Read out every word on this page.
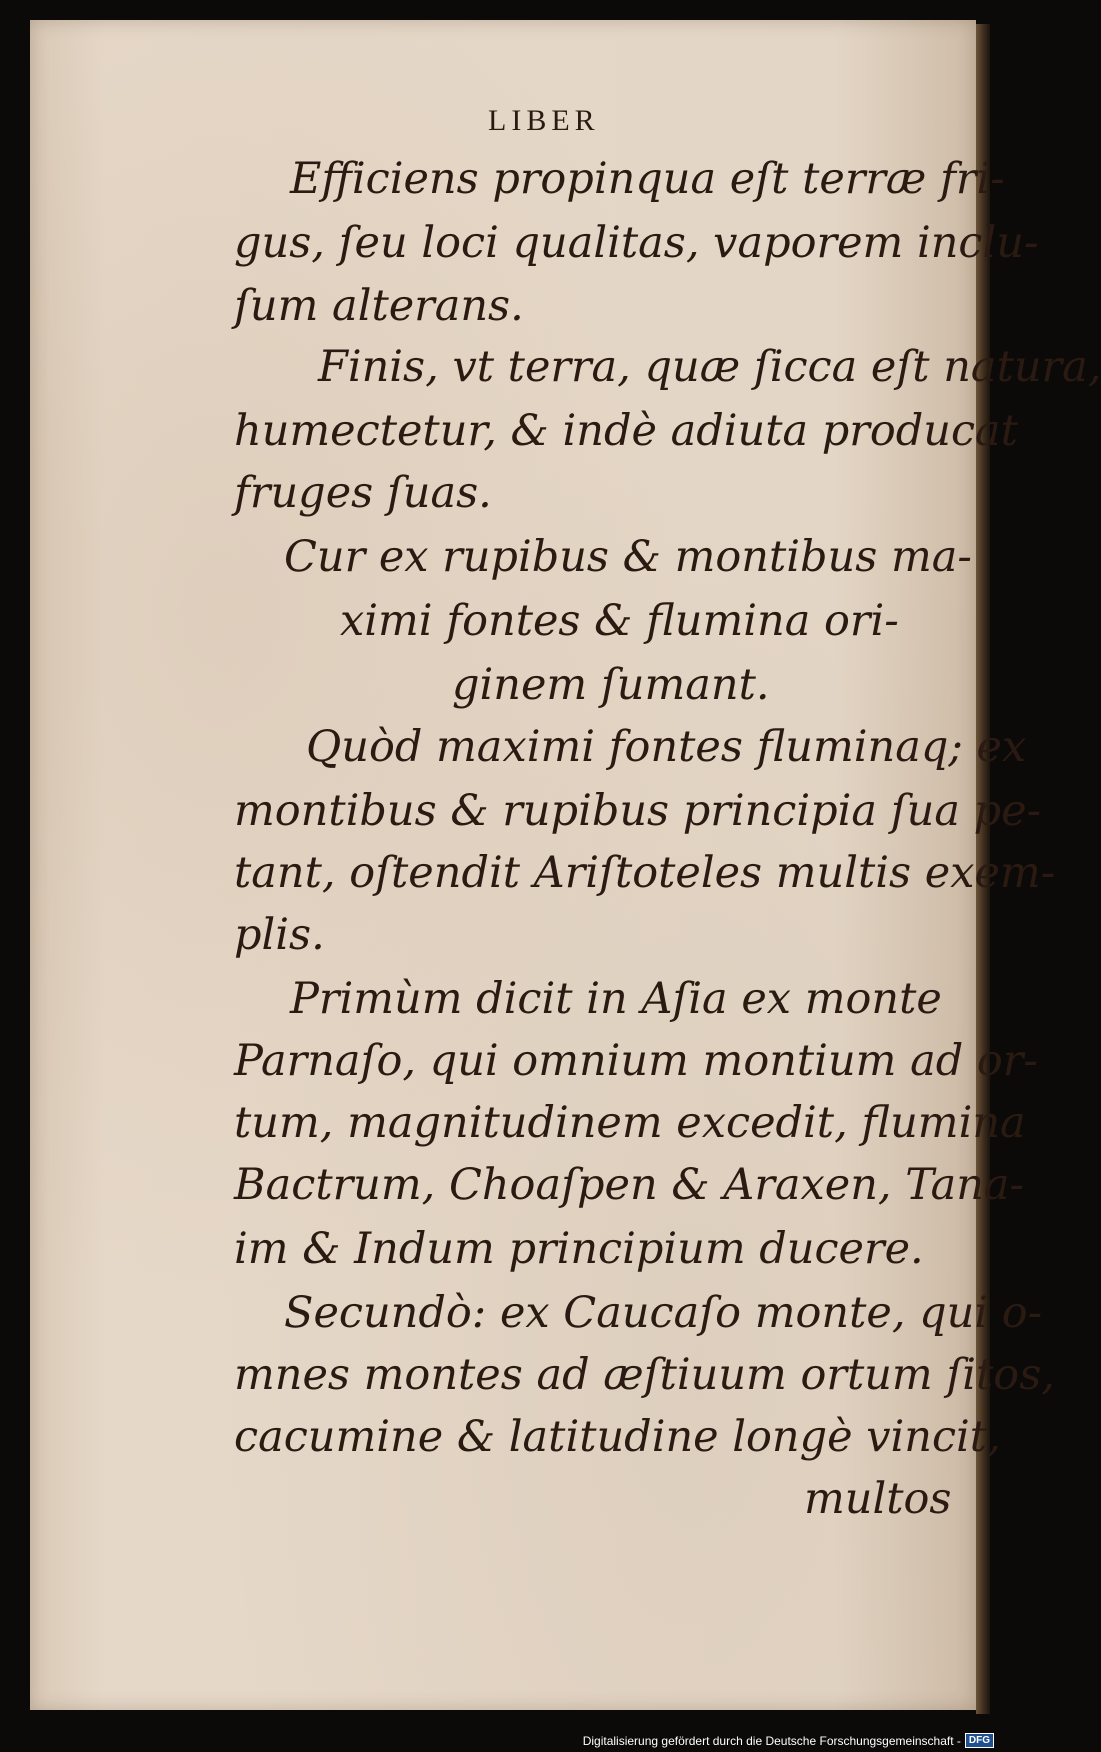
LIBER
Efficiens propinqua eſt terræ fri-
gus, ſeu loci qualitas, vaporem inclu-
ſum alterans.
Finis, vt terra, quæ ſicca eſt natura,
humectetur, & indè adiuta producat
fruges ſuas.
Cur ex rupibus & montibus ma-
ximi fontes & flumina ori-
ginem ſumant.
Quòd maximi fontes fluminaq; ex
montibus & rupibus principia ſua pe-
tant, oſtendit Ariſtoteles multis exem-
plis.
Primùm dicit in Aſia ex monte
Parnaſo, qui omnium montium ad or-
tum, magnitudinem excedit, flumina
Bactrum, Choaſpen & Araxen, Tana-
im & Indum principium ducere.
Secundò: ex Caucaſo monte, qui o-
mnes montes ad æſtiuum ortum ſitos,
cacumine & latitudine longè vincit,
multos
Digitalisierung gefördert durch die Deutsche Forschungsgemeinschaft - DFG
